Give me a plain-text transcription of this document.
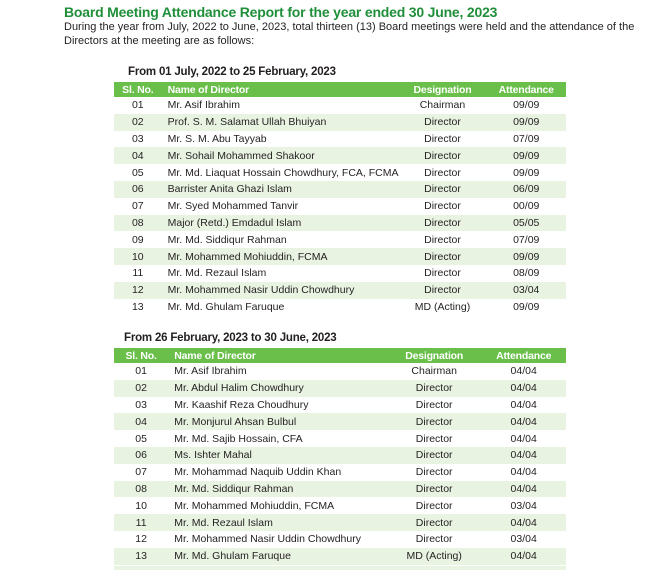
Board Meeting Attendance Report for the year ended 30 June, 2023
During the year from July, 2022 to June, 2023, total thirteen (13) Board meetings were held and the attendance of the Directors at the meeting are as follows:
From 01 July, 2022 to 25 February, 2023
Sl. No.	Name of Director	Designation	Attendance
01	Mr. Asif Ibrahim	Chairman	09/09
02	Prof. S. M. Salamat Ullah Bhuiyan	Director	09/09
03	Mr. S. M. Abu Tayyab	Director	07/09
04	Mr. Sohail Mohammed Shakoor	Director	09/09
05	Mr. Md. Liaquat Hossain Chowdhury, FCA, FCMA	Director	09/09
06	Barrister Anita Ghazi Islam	Director	06/09
07	Mr. Syed Mohammed Tanvir	Director	00/09
08	Major (Retd.) Emdadul Islam	Director	05/05
09	Mr. Md. Siddiqur Rahman	Director	07/09
10	Mr. Mohammed Mohiuddin, FCMA	Director	09/09
11	Mr. Md. Rezaul Islam	Director	08/09
12	Mr. Mohammed Nasir Uddin Chowdhury	Director	03/04
13	Mr. Md. Ghulam Faruque	MD (Acting)	09/09
From 26 February, 2023 to 30 June, 2023
Sl. No.	Name of Director	Designation	Attendance
01	Mr. Asif Ibrahim	Chairman	04/04
02	Mr. Abdul Halim Chowdhury	Director	04/04
03	Mr. Kaashif Reza Choudhury	Director	04/04
04	Mr. Monjurul Ahsan Bulbul	Director	04/04
05	Mr. Md. Sajib Hossain, CFA	Director	04/04
06	Ms. Ishter Mahal	Director	04/04
07	Mr. Mohammad Naquib Uddin Khan	Director	04/04
08	Mr. Md. Siddiqur Rahman	Director	04/04
10	Mr. Mohammed Mohiuddin, FCMA	Director	03/04
11	Mr. Md. Rezaul Islam	Director	04/04
12	Mr. Mohammed Nasir Uddin Chowdhury	Director	03/04
13	Mr. Md. Ghulam Faruque	MD (Acting)	04/04
